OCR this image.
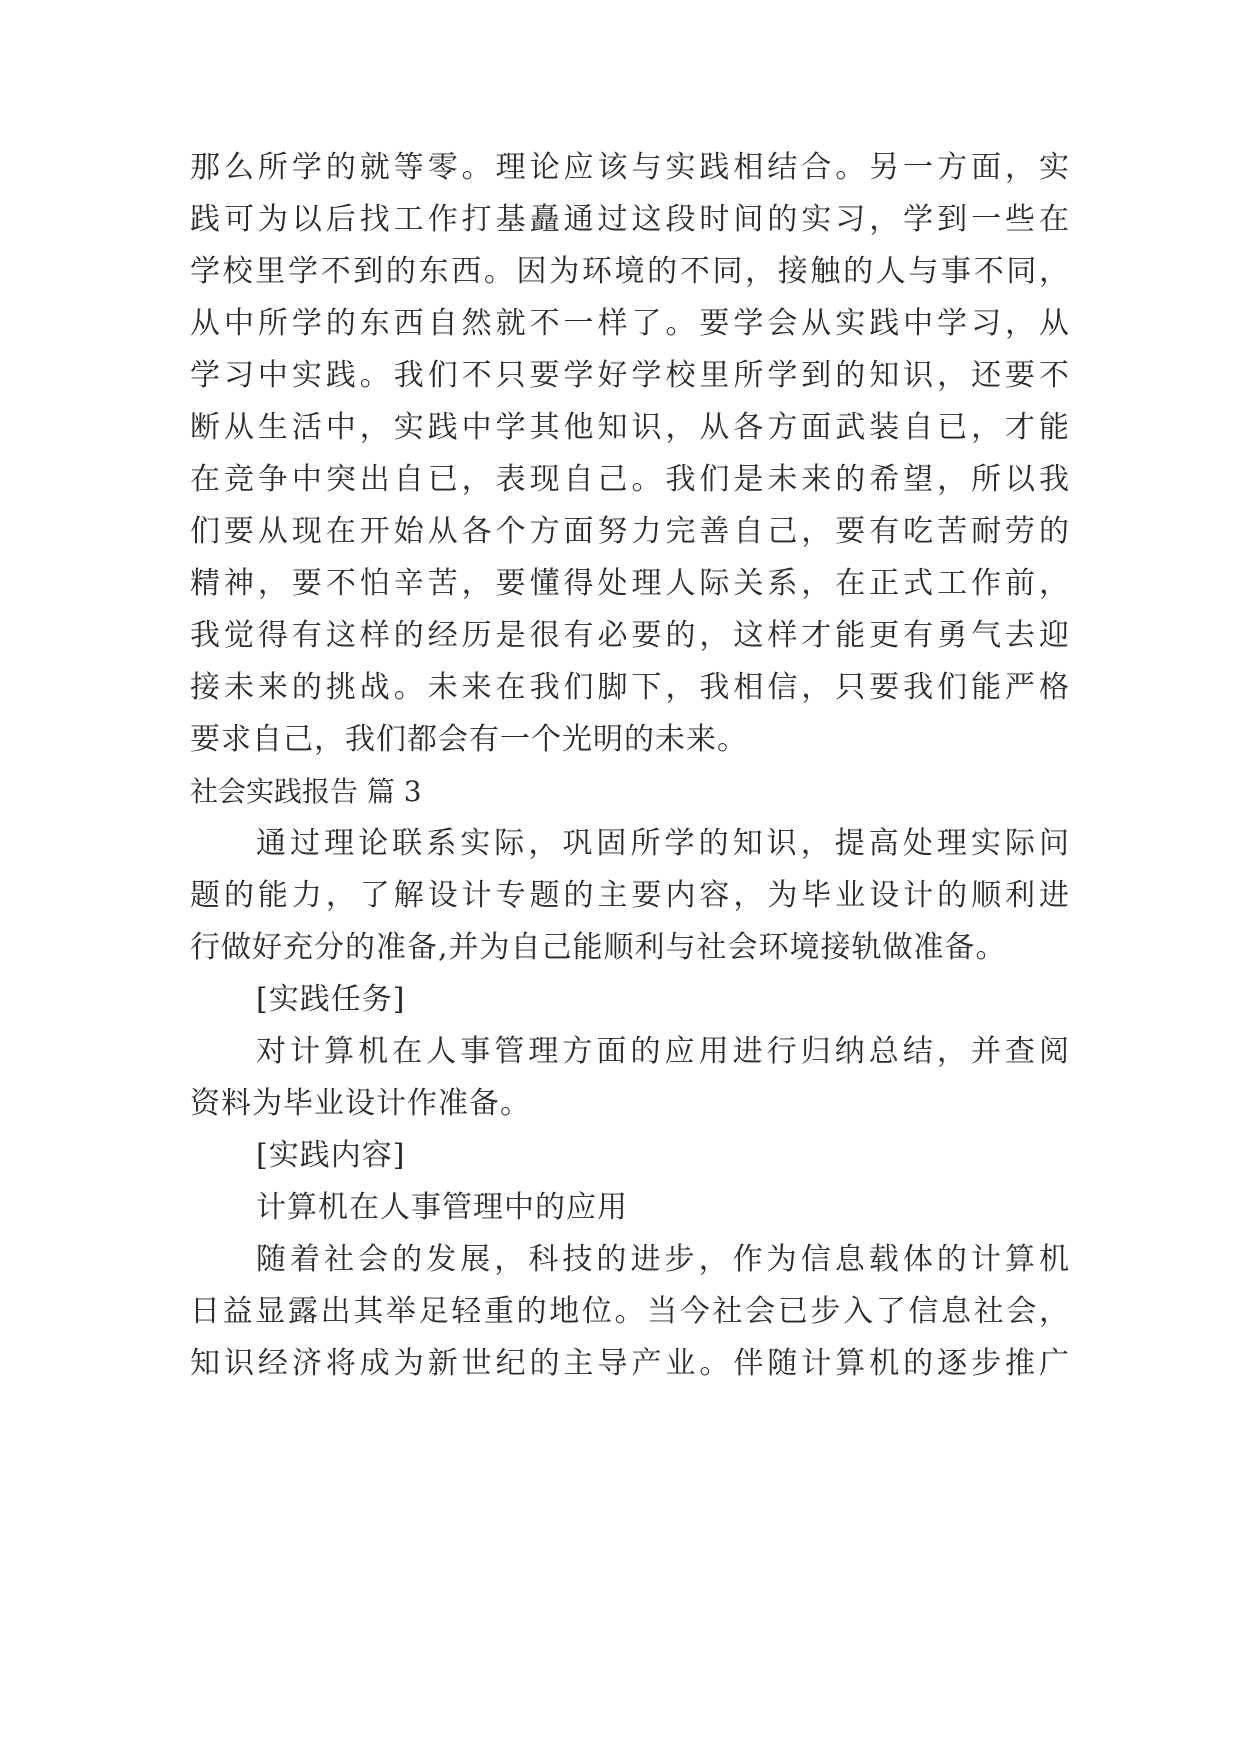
那么所学的就等零。理论应该与实践相结合。另一方面，实

践可为以后找工作打基矗通过这段时间的实习，学到一些在

学校里学不到的东西。因为环境的不同，接触的人与事不同，

从中所学的东西自然就不一样了。要学会从实践中学习，从

学习中实践。我们不只要学好学校里所学到的知识，还要不

断从生活中，实践中学其他知识，从各方面武装自已，才能

在竞争中突出自已，表现自己。我们是未来的希望，所以我

们要从现在开始从各个方面努力完善自己，要有吃苦耐劳的

精神，要不怕辛苦，要懂得处理人际关系，在正式工作前，

我觉得有这样的经历是很有必要的，这样才能更有勇气去迎

接未来的挑战。未来在我们脚下，我相信，只要我们能严格

要求自己，我们都会有一个光明的未来。

社会实践报告 篇 3

通过理论联系实际，巩固所学的知识，提高处理实际问

题的能力，了解设计专题的主要内容，为毕业设计的顺利进

行做好充分的准备,并为自己能顺利与社会环境接轨做准备。

[实践任务]

对计算机在人事管理方面的应用进行归纳总结，并查阅

资料为毕业设计作准备。

[实践内容]

计算机在人事管理中的应用

随着社会的发展，科技的进步，作为信息载体的计算机

日益显露出其举足轻重的地位。当今社会已步入了信息社会，

知识经济将成为新世纪的主导产业。伴随计算机的逐步推广
